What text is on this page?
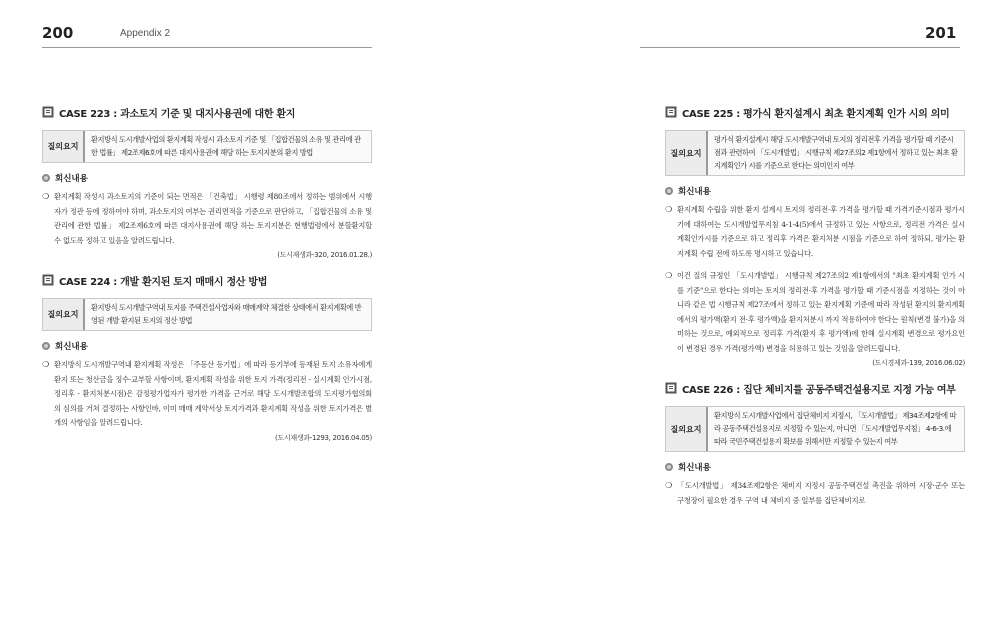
200	Appendix 2	201
CASE 223 : 과소토지 기준 및 대지사용권에 대한 환지
질의요지
환지방식 도시개발사업의 환지계획 작성시 과소토지 기준 및 「집합건물의 소유 및 관리에 관한 법률」 제2조제6호에 따른 대지사용권에 해당 하는 토지지분의 환지 방법
회신내용
❍ 환지계획 작성시 과소토지의 기준이 되는 면적은 「건축법」 시행령 제80조에서 정하는 범위에서 시행자가 정관 등에 정하여야 하며, 과소토지의 여부는 권리면적을 기준으로 판단하고, 「집합건물의 소유 및 관리에 관한 법률」 제2조제6호에 따른 대지사용권에 해당 하는 토지지분은 현행법령에서 분할환지할 수 없도록 정하고 있음을 알려드립니다.
(도시재생과-320, 2016.01.28.)
CASE 224 : 개발 환지된 토지 매매시 정산 방법
질의요지
환지방식 도시개발구역내 토지를 주택건설사업자와 매매계약 체결한 상태에서 환지계획에 반영된 개발 환지된 토지의 정산 방법
회신내용
❍ 환지방식 도시개발구역내 환지계획 작성은 「주등산 등기법」에 따라 등기부에 등재된 토지 소유자에게 환지 또는 청산금을 징수·교부할 사항이며, 환지계획 작성을 위한 토지 가격(정리전 - 실시계획 인가시점, 정리후 - 환지처분시점)은 감정평가업자가 평가한 가격을 근거로 해당 도시개발조합의 도지평가협의회의 심의를 거쳐 결정하는 사항인바, 이미 매매 계약서상 토지가격과 환지계획 작성을 위한 토지가격은 별개의 사항임을 알려드립니다.
(도시재생과-1293, 2016.04.05)
CASE 225 : 평가식 환지설계시 최초 환지계획 인가 시의 의미
질의요지
평가식 환지설계시 해당 도시개발구역내 토지의 정리전후 가격을 평가할 때 기준시점과 관련하여 「도시개발법」 시행규칙 제27조의2 제1항에서 정하고 있는 최초 환지계획인가 시를 기준으로 한다는 의미인지 여부
회신내용
❍ 환지계획 수립을 위한 환지 설계시 토지의 정리전·후 가격을 평가할 때 가격기준시점과 평가시기에 대하여는 도시개발업무지침 4-1-4(5)에서 규정하고 있는 사항으로, 정리전 가격은 실시계획인가시를 기준으로 하고 정리후 가격은 환지처분 시점을 기준으로 하여 정하되, 평가는 환지계획 수립 전에 하도록 명시하고 있습니다.
❍ 이건 질의 규정인 「도시개발법」 시행규칙 제27조의2 제1항에서의 "최초 환지계획 인가 시를 기준"으로 한다는 의미는 토지의 정리전·후 가격을 평가할 때 기준시점을 지정하는 것이 아니라 같은 법 시행규칙 제27조에서 정하고 있는 환지계획 기준에 따라 작성된 환지의 환지계획에서의 평가액(환지 전·후 평가액)을 환지처분시 까지 적용하여야 한다는 원칙(변경 불가)을 의미하는 것으로, 예외적으로 정리후 가격(환지 후 평가액)에 한해 실시계획 변경으로 평가요인이 변경된 경우 가격(평가액) 변경을 허용하고 있는 것임을 알려드립니다.
(도시경제과-139, 2016.06.02)
CASE 226 : 집단 체비지를 공동주택건설용지로 지정 가능 여부
질의요지
환지방식 도시개발사업에서 집단체비지 지정시, 「도시개발법」 제34조제2항에 따라 공동주택건설용지로 지정할 수 있는지, 아니면 「도시개발업무지침」 4-6-3.에 따라 국민주택건설용지 확보를 위해서만 지정할 수 있는지 여부
회신내용
❍ 「도시개발법」 제34조제2항은 체비지 지정시 공동주택건설 촉진을 위하여 시장·군수 또는 구청장이 필요한 경우 구역 내 체비지 중 일부를 집단체비지로
